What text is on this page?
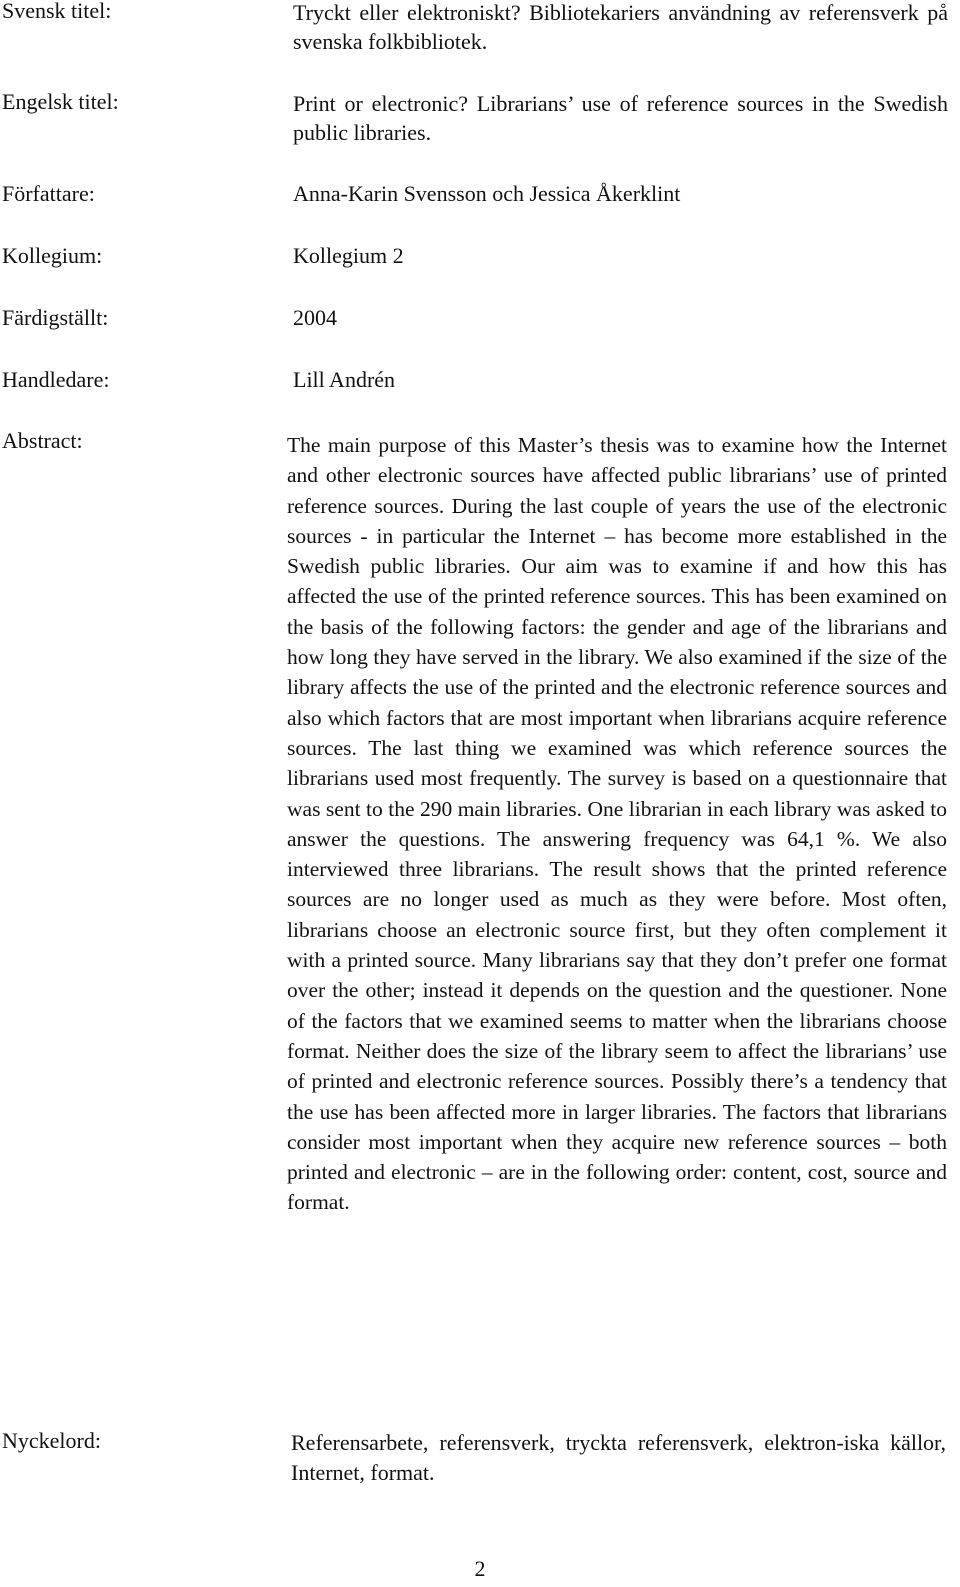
Svensk titel:	Tryckt eller elektroniskt? Bibliotekariers användning av referensverk på svenska folkbibliotek.
Engelsk titel:	Print or electronic? Librarians’ use of reference sources in the Swedish public libraries.
Författare:	Anna-Karin Svensson och Jessica Åkerklint
Kollegium:	Kollegium 2
Färdigställt:	2004
Handledare:	Lill Andrén
Abstract:	The main purpose of this Master’s thesis was to examine how the Internet and other electronic sources have affected public librarians’ use of printed reference sources. During the last couple of years the use of the electronic sources - in particular the Internet – has become more established in the Swedish public libraries. Our aim was to examine if and how this has affected the use of the printed reference sources. This has been examined on the basis of the following factors: the gender and age of the librarians and how long they have served in the library. We also examined if the size of the library affects the use of the printed and the electronic reference sources and also which factors that are most important when librarians acquire reference sources. The last thing we examined was which reference sources the librarians used most frequently. The survey is based on a questionnaire that was sent to the 290 main libraries. One librarian in each library was asked to answer the questions. The answering frequency was 64,1 %. We also interviewed three librarians. The result shows that the printed reference sources are no longer used as much as they were before. Most often, librarians choose an electronic source first, but they often complement it with a printed source. Many librarians say that they don’t prefer one format over the other; instead it depends on the question and the questioner. None of the factors that we examined seems to matter when the librarians choose format. Neither does the size of the library seem to affect the librarians’ use of printed and electronic reference sources. Possibly there’s a tendency that the use has been affected more in larger libraries. The factors that librarians consider most important when they acquire new reference sources – both printed and electronic – are in the following order: content, cost, source and format.
Nyckelord:	Referensarbete, referensverk, tryckta referensverk, elektron-iska källor, Internet, format.
2
